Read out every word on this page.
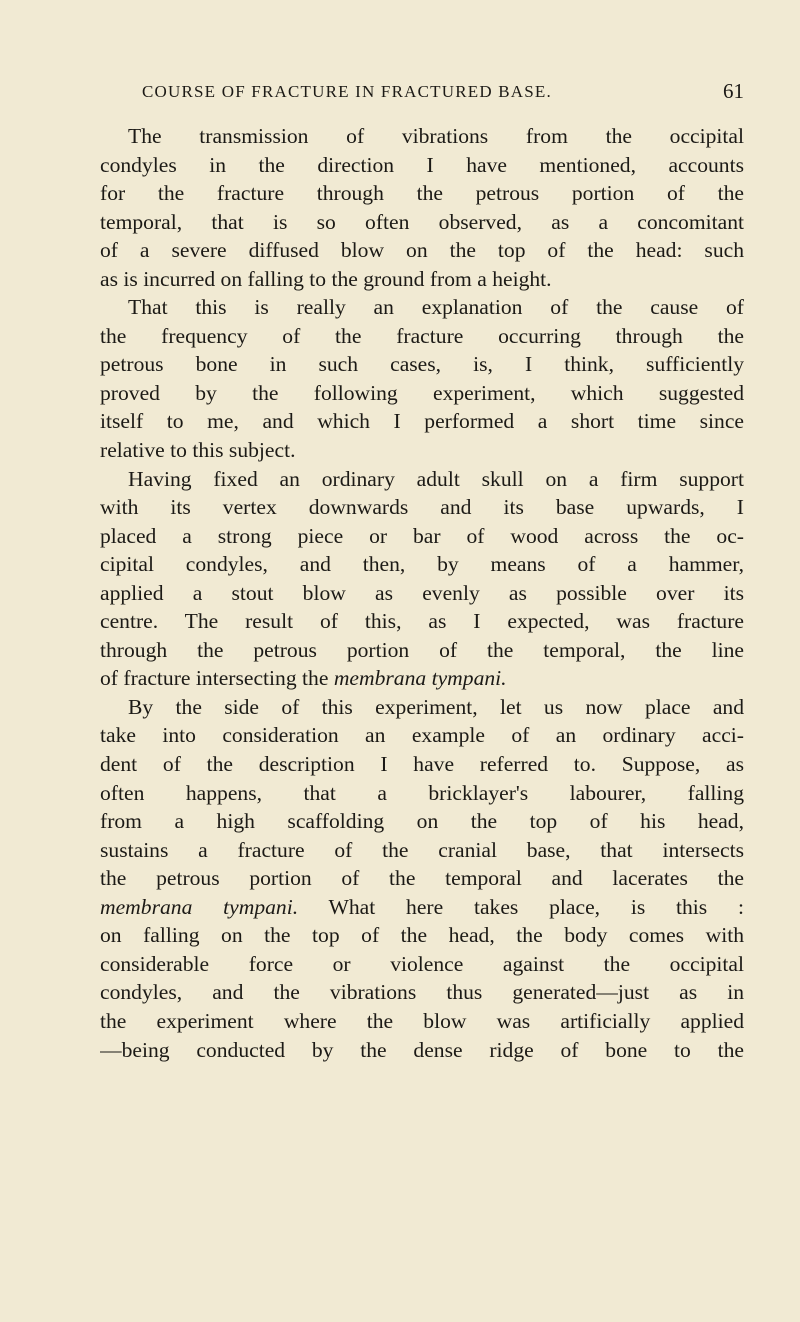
COURSE OF FRACTURE IN FRACTURED BASE.	61
The transmission of vibrations from the occipital
condyles in the direction I have mentioned, accounts
for the fracture through the petrous portion of the
temporal, that is so often observed, as a concomitant
of a severe diffused blow on the top of the head: such
as is incurred on falling to the ground from a height.
That this is really an explanation of the cause of
the frequency of the fracture occurring through the
petrous bone in such cases, is, I think, sufficiently
proved by the following experiment, which suggested
itself to me, and which I performed a short time since
relative to this subject.
Having fixed an ordinary adult skull on a firm support
with its vertex downwards and its base upwards, I
placed a strong piece or bar of wood across the oc-
cipital condyles, and then, by means of a hammer,
applied a stout blow as evenly as possible over its
centre. The result of this, as I expected, was fracture
through the petrous portion of the temporal, the line
of fracture intersecting the membrana tympani.
By the side of this experiment, let us now place and
take into consideration an example of an ordinary acci-
dent of the description I have referred to. Suppose, as
often happens, that a bricklayer's labourer, falling
from a high scaffolding on the top of his head,
sustains a fracture of the cranial base, that intersects
the petrous portion of the temporal and lacerates the
membrana tympani. What here takes place, is this :
on falling on the top of the head, the body comes with
considerable force or violence against the occipital
condyles, and the vibrations thus generated—just as in
the experiment where the blow was artificially applied
—being conducted by the dense ridge of bone to the
